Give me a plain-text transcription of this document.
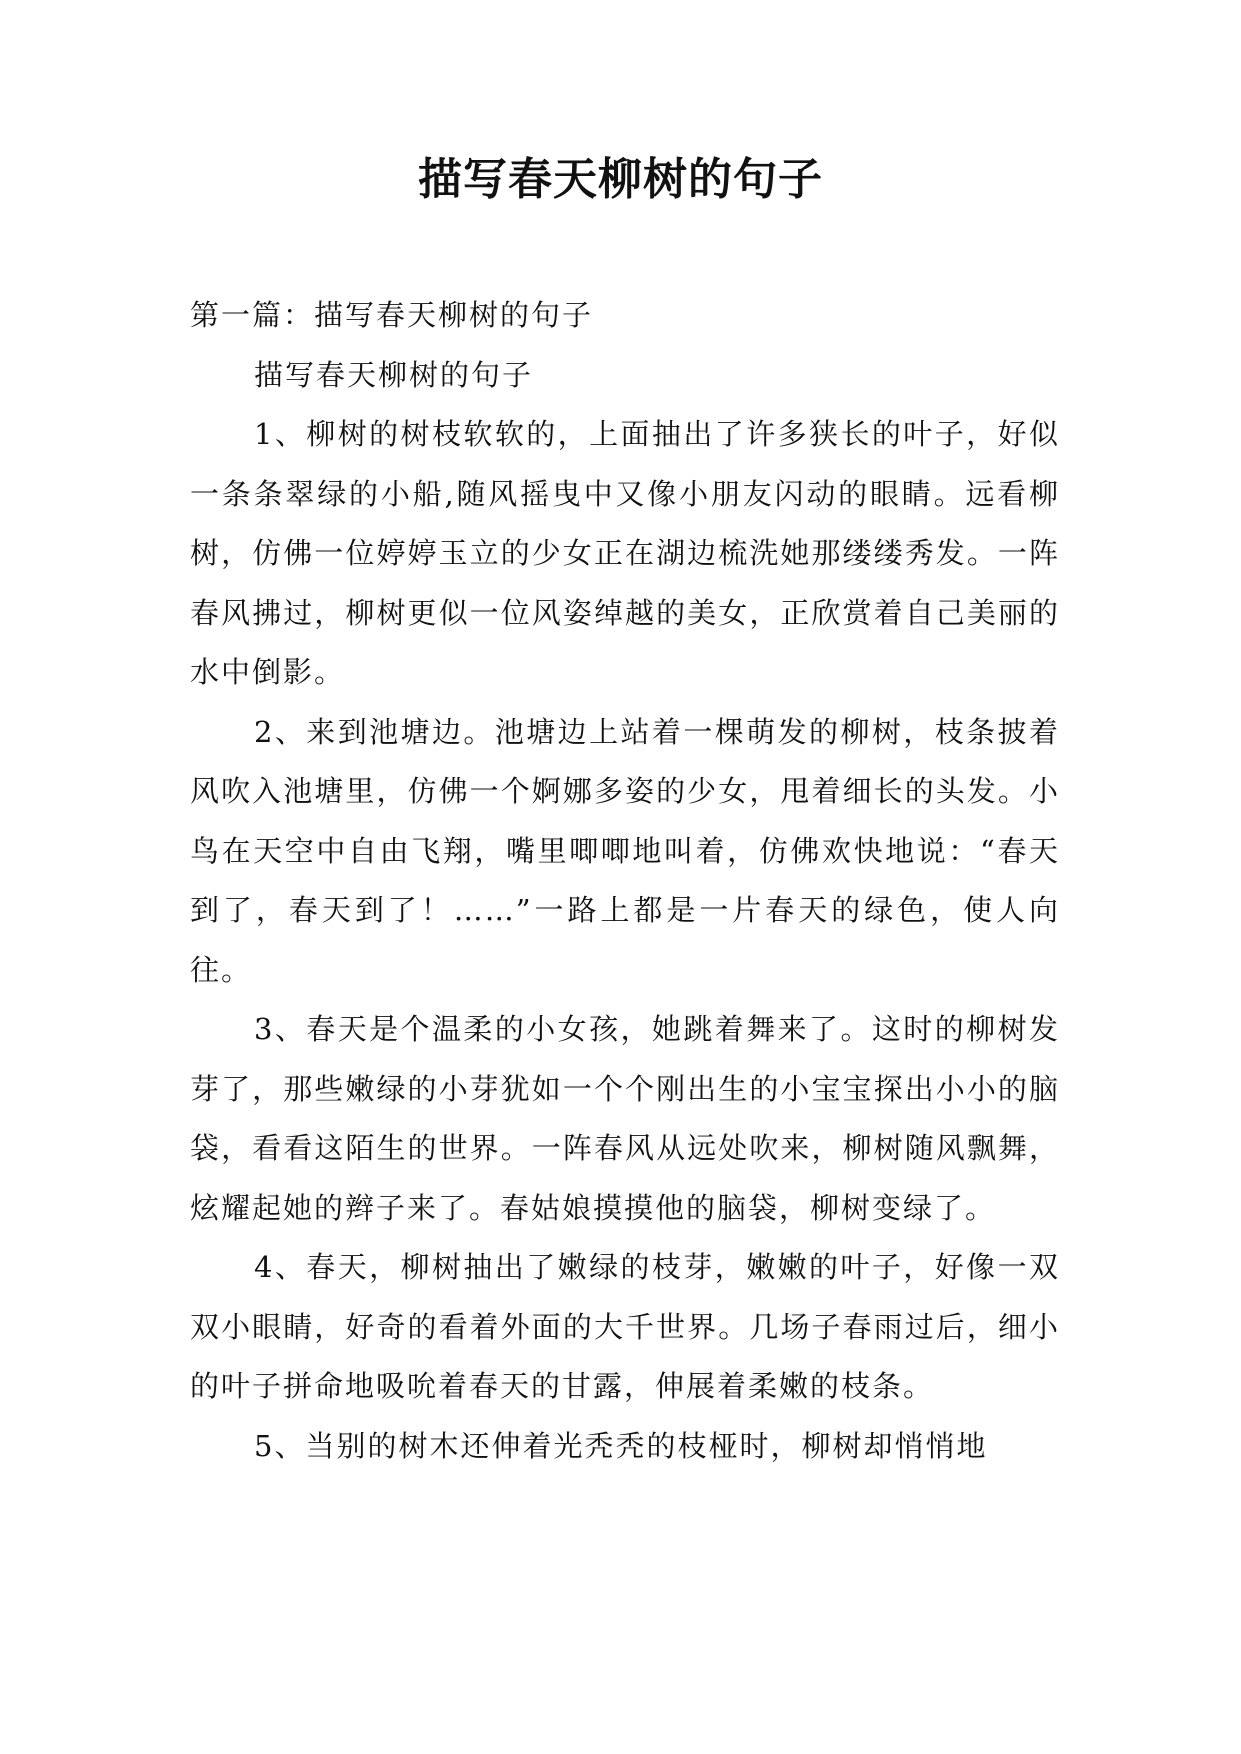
描写春天柳树的句子

第一篇：描写春天柳树的句子

描写春天柳树的句子

1、柳树的树枝软软的，上面抽出了许多狭长的叶子，好似一条条翠绿的小船,随风摇曳中又像小朋友闪动的眼睛。远看柳树，仿佛一位婷婷玉立的少女正在湖边梳洗她那缕缕秀发。一阵春风拂过，柳树更似一位风姿绰越的美女，正欣赏着自己美丽的水中倒影。

2、来到池塘边。池塘边上站着一棵萌发的柳树，枝条披着风吹入池塘里，仿佛一个婀娜多姿的少女，甩着细长的头发。小鸟在天空中自由飞翔，嘴里唧唧地叫着，仿佛欢快地说：“春天到了，春天到了！……”一路上都是一片春天的绿色，使人向往。

3、春天是个温柔的小女孩，她跳着舞来了。这时的柳树发芽了，那些嫩绿的小芽犹如一个个刚出生的小宝宝探出小小的脑袋，看看这陌生的世界。一阵春风从远处吹来，柳树随风飘舞，炫耀起她的辫子来了。春姑娘摸摸他的脑袋，柳树变绿了。

4、春天，柳树抽出了嫩绿的枝芽，嫩嫩的叶子，好像一双双小眼睛，好奇的看着外面的大千世界。几场子春雨过后，细小的叶子拼命地吸吮着春天的甘露，伸展着柔嫩的枝条。

5、当别的树木还伸着光秃秃的枝桠时，柳树却悄悄地
